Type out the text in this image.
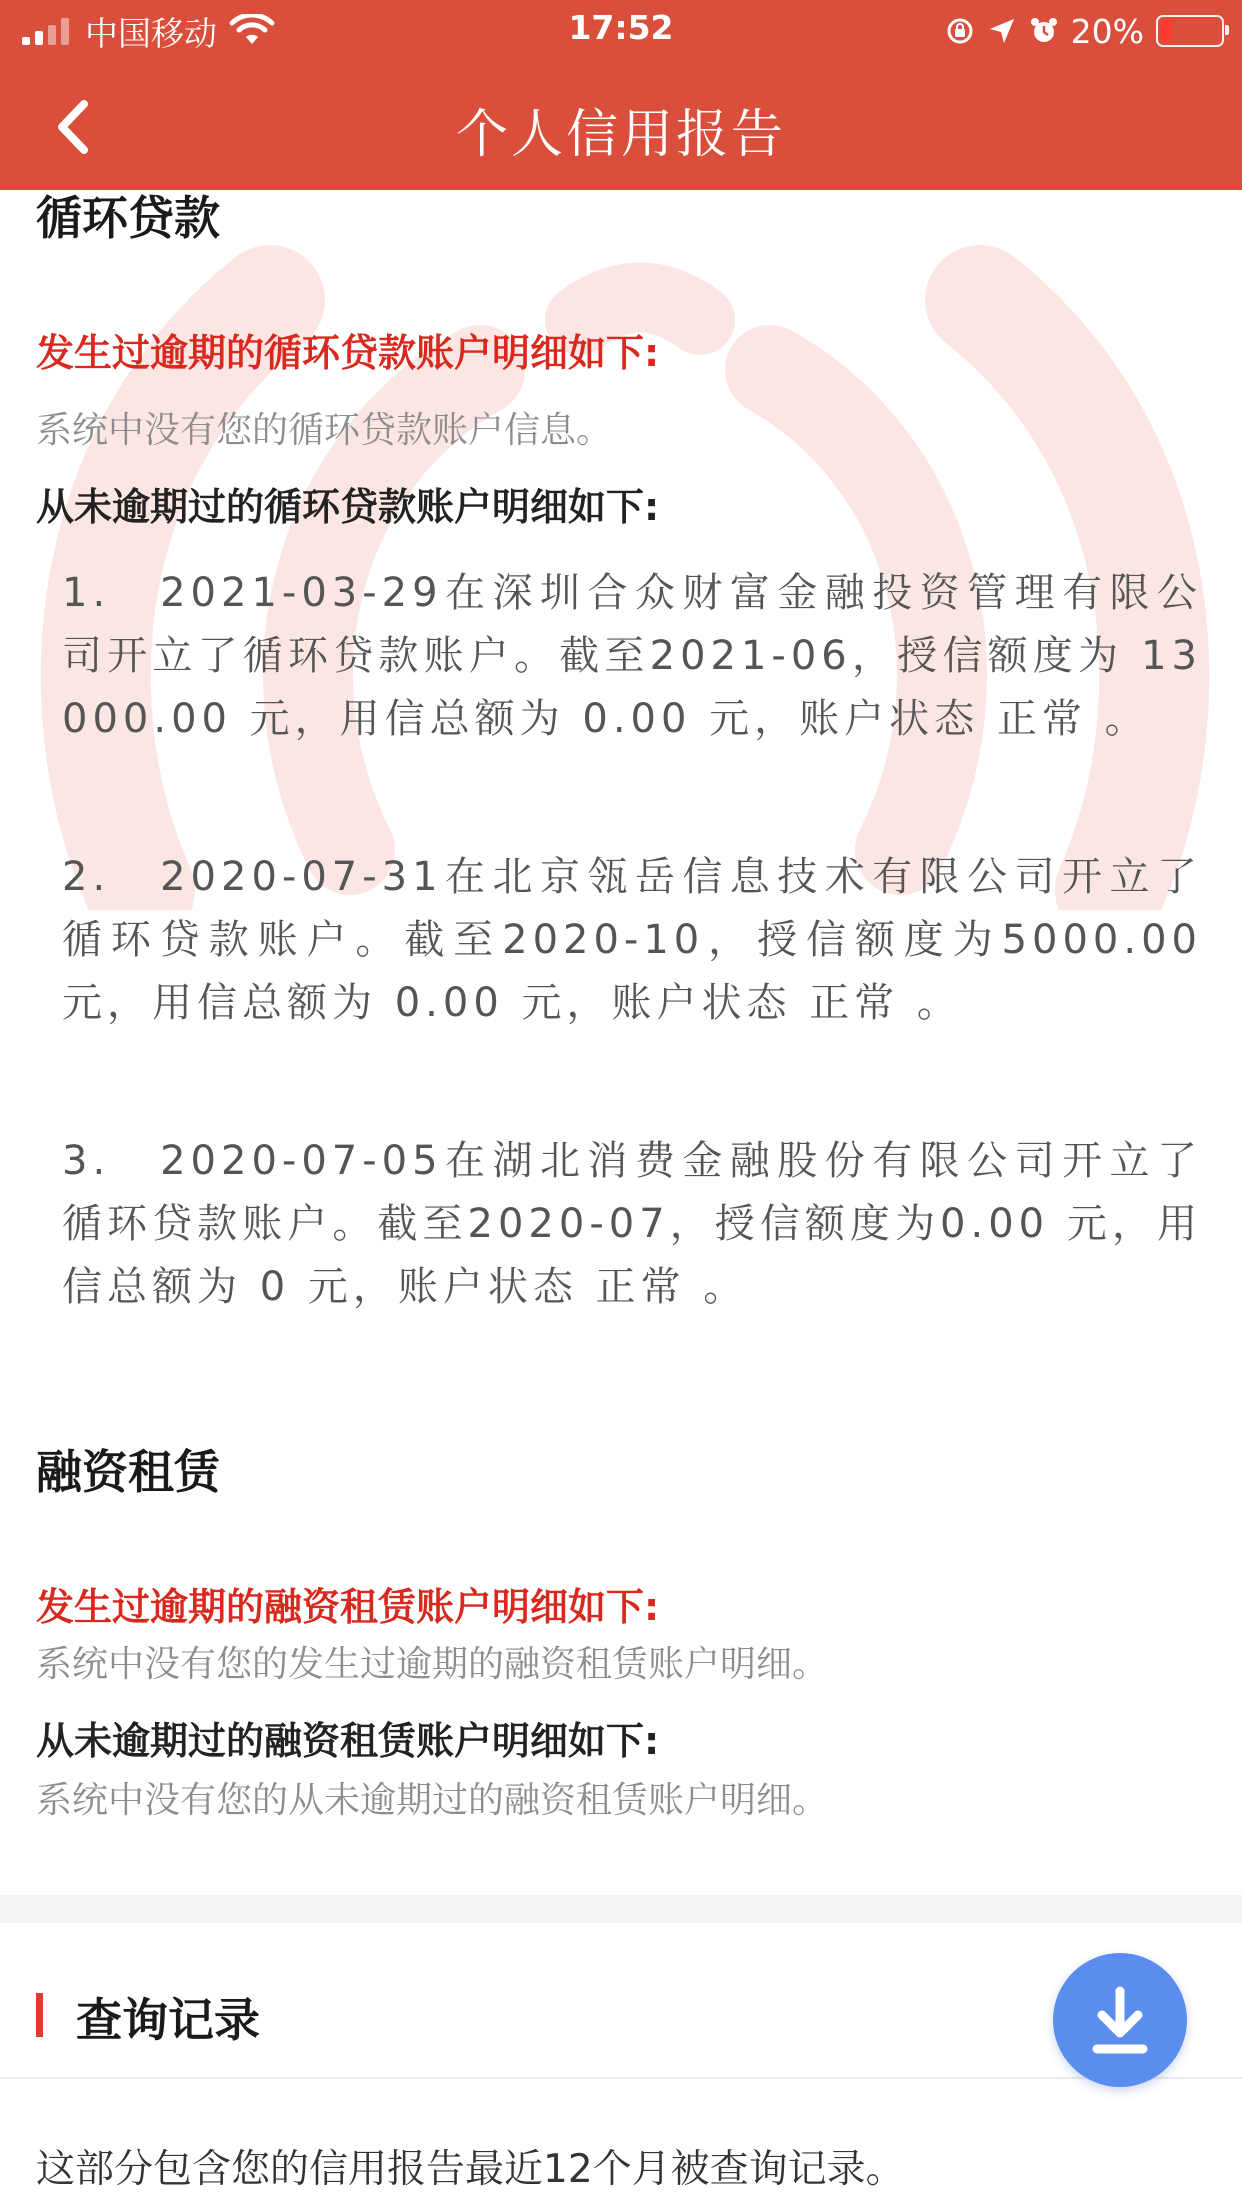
中国移动	17:52	20%
个人信用报告
循环贷款
发生过逾期的循环贷款账户明细如下:
系统中没有您的循环贷款账户信息。
从未逾期过的循环贷款账户明细如下:
1.　2021-03-29在深圳合众财富金融投资管理有限公司开立了循环贷款账户。截至2021-06，授信额度为 13000.00 元，用信总额为 0.00 元，账户状态 正常 。
2.　2020-07-31在北京瓴岳信息技术有限公司开立了循环贷款账户。截至2020-10，授信额度为5000.00 元，用信总额为 0.00 元，账户状态 正常 。
3.　2020-07-05在湖北消费金融股份有限公司开立了循环贷款账户。截至2020-07，授信额度为0.00 元，用信总额为 0 元，账户状态 正常 。
融资租赁
发生过逾期的融资租赁账户明细如下:
系统中没有您的发生过逾期的融资租赁账户明细。
从未逾期过的融资租赁账户明细如下:
系统中没有您的从未逾期过的融资租赁账户明细。
查询记录
这部分包含您的信用报告最近12个月被查询记录。
